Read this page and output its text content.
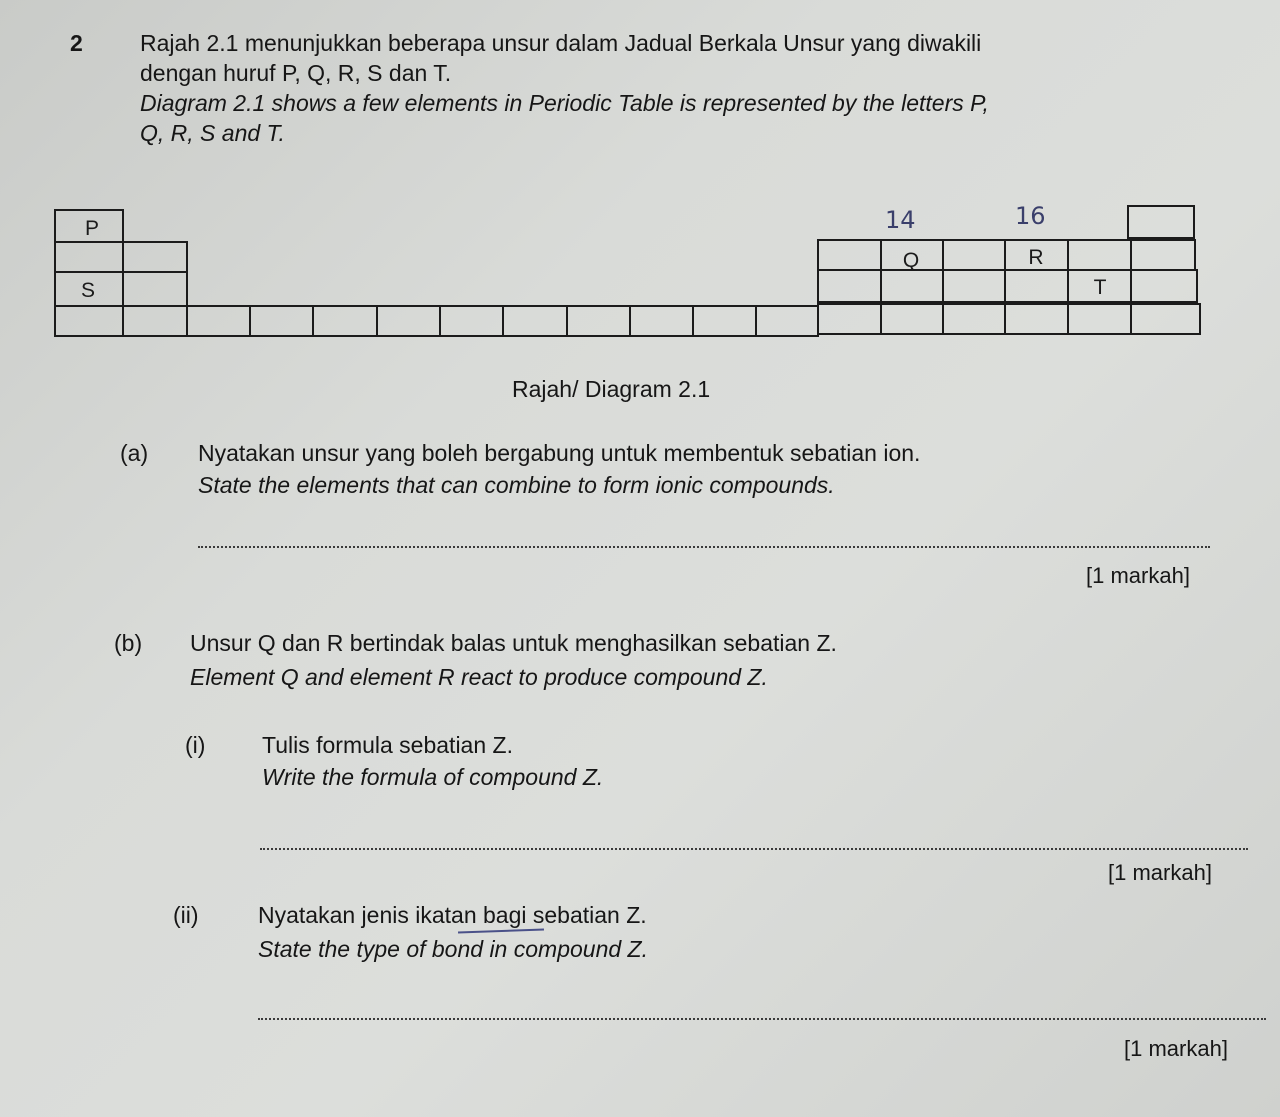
2 Rajah 2.1 menunjukkan beberapa unsur dalam Jadual Berkala Unsur yang diwakili
dengan huruf P, Q, R, S dan T.
Diagram 2.1 shows a few elements in Periodic Table is represented by the letters P,
Q, R, S and T.
P
S
Q	R
T
14	16
Rajah/ Diagram 2.1
(a) Nyatakan unsur yang boleh bergabung untuk membentuk sebatian ion.
State the elements that can combine to form ionic compounds.
[1 markah]
(b) Unsur Q dan R bertindak balas untuk menghasilkan sebatian Z.
Element Q and element R react to produce compound Z.
(i) Tulis formula sebatian Z.
Write the formula of compound Z.
[1 markah]
(ii)	Nyatakan jenis ikatan bagi sebatian Z.
State the type of bond in compound Z.
[1 markah]
